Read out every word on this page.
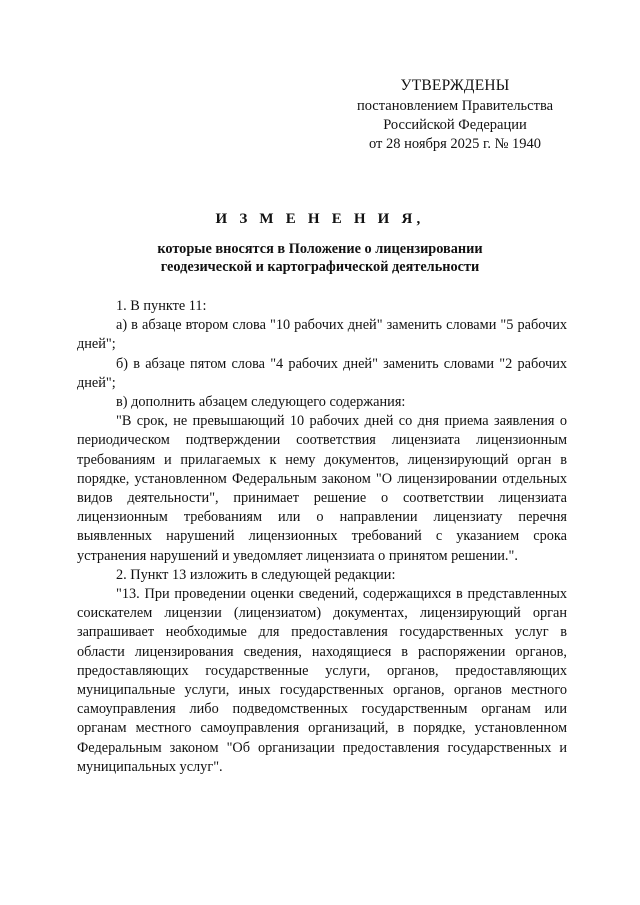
УТВЕРЖДЕНЫ
постановлением Правительства
Российской Федерации
от 28 ноября 2025 г. № 1940
И З М Е Н Е Н И Я,
которые вносятся в Положение о лицензировании
геодезической и картографической деятельности

1. В пункте 11:

а) в абзаце втором слова "10 рабочих дней" заменить словами "5 рабочих дней";

б) в абзаце пятом слова "4 рабочих дней" заменить словами "2 рабочих дней";

в) дополнить абзацем следующего содержания:

"В срок, не превышающий 10 рабочих дней со дня приема заявления о периодическом подтверждении соответствия лицензиата лицензионным требованиям и прилагаемых к нему документов, лицензирующий орган в порядке, установленном Федеральным законом "О лицензировании отдельных видов деятельности", принимает решение о соответствии лицензиата лицензионным требованиям или о направлении лицензиату перечня выявленных нарушений лицензионных требований с указанием срока устранения нарушений и уведомляет лицензиата о принятом решении.".

2. Пункт 13 изложить в следующей редакции:

"13. При проведении оценки сведений, содержащихся в представленных соискателем лицензии (лицензиатом) документах, лицензирующий орган запрашивает необходимые для предоставления государственных услуг в области лицензирования сведения, находящиеся в распоряжении органов, предоставляющих государственные услуги, органов, предоставляющих муниципальные услуги, иных государственных органов, органов местного самоуправления либо подведомственных государственным органам или органам местного самоуправления организаций, в порядке, установленном Федеральным законом "Об организации предоставления государственных и муниципальных услуг".
